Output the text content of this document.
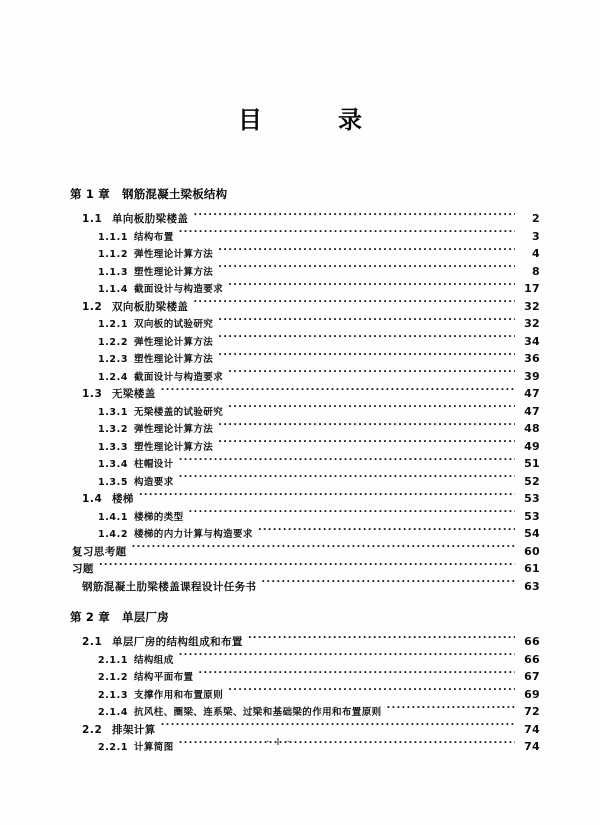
目　录
第 1 章 钢筋混凝土梁板结构
1.1 单向板肋梁楼盖 .....	2
1.1.1 结构布置 .....	3
1.1.2 弹性理论计算方法 .....	4
1.1.3 塑性理论计算方法 .....	8
1.1.4 截面设计与构造要求 .....	17
1.2 双向板肋梁楼盖 .....	32
1.2.1 双向板的试验研究 .....	32
1.2.2 弹性理论计算方法 .....	34
1.2.3 塑性理论计算方法 .....	36
1.2.4 截面设计与构造要求 .....	39
1.3 无梁楼盖 .....	47
1.3.1 无梁楼盖的试验研究 .....	47
1.3.2 弹性理论计算方法 .....	48
1.3.3 塑性理论计算方法 .....	49
1.3.4 柱帽设计 .....	51
1.3.5 构造要求 .....	52
1.4 楼梯 .....	53
1.4.1 楼梯的类型 .....	53
1.4.2 楼梯的内力计算与构造要求 .....	54
复习思考题 .....	60
习题 .....	61
钢筋混凝土肋梁楼盖课程设计任务书 .....	63
第 2 章 单层厂房
2.1 单层厂房的结构组成和布置 .....	66
2.1.1 结构组成 .....	66
2.1.2 结构平面布置 .....	67
2.1.3 支撑作用和布置原则 .....	69
2.1.4 抗风柱、圈梁、连系梁、过梁和基础梁的作用和布置原则 .....	72
2.2 排架计算 .....	74
2.2.1 计算简图 .....	74
· Ⅰ ·
